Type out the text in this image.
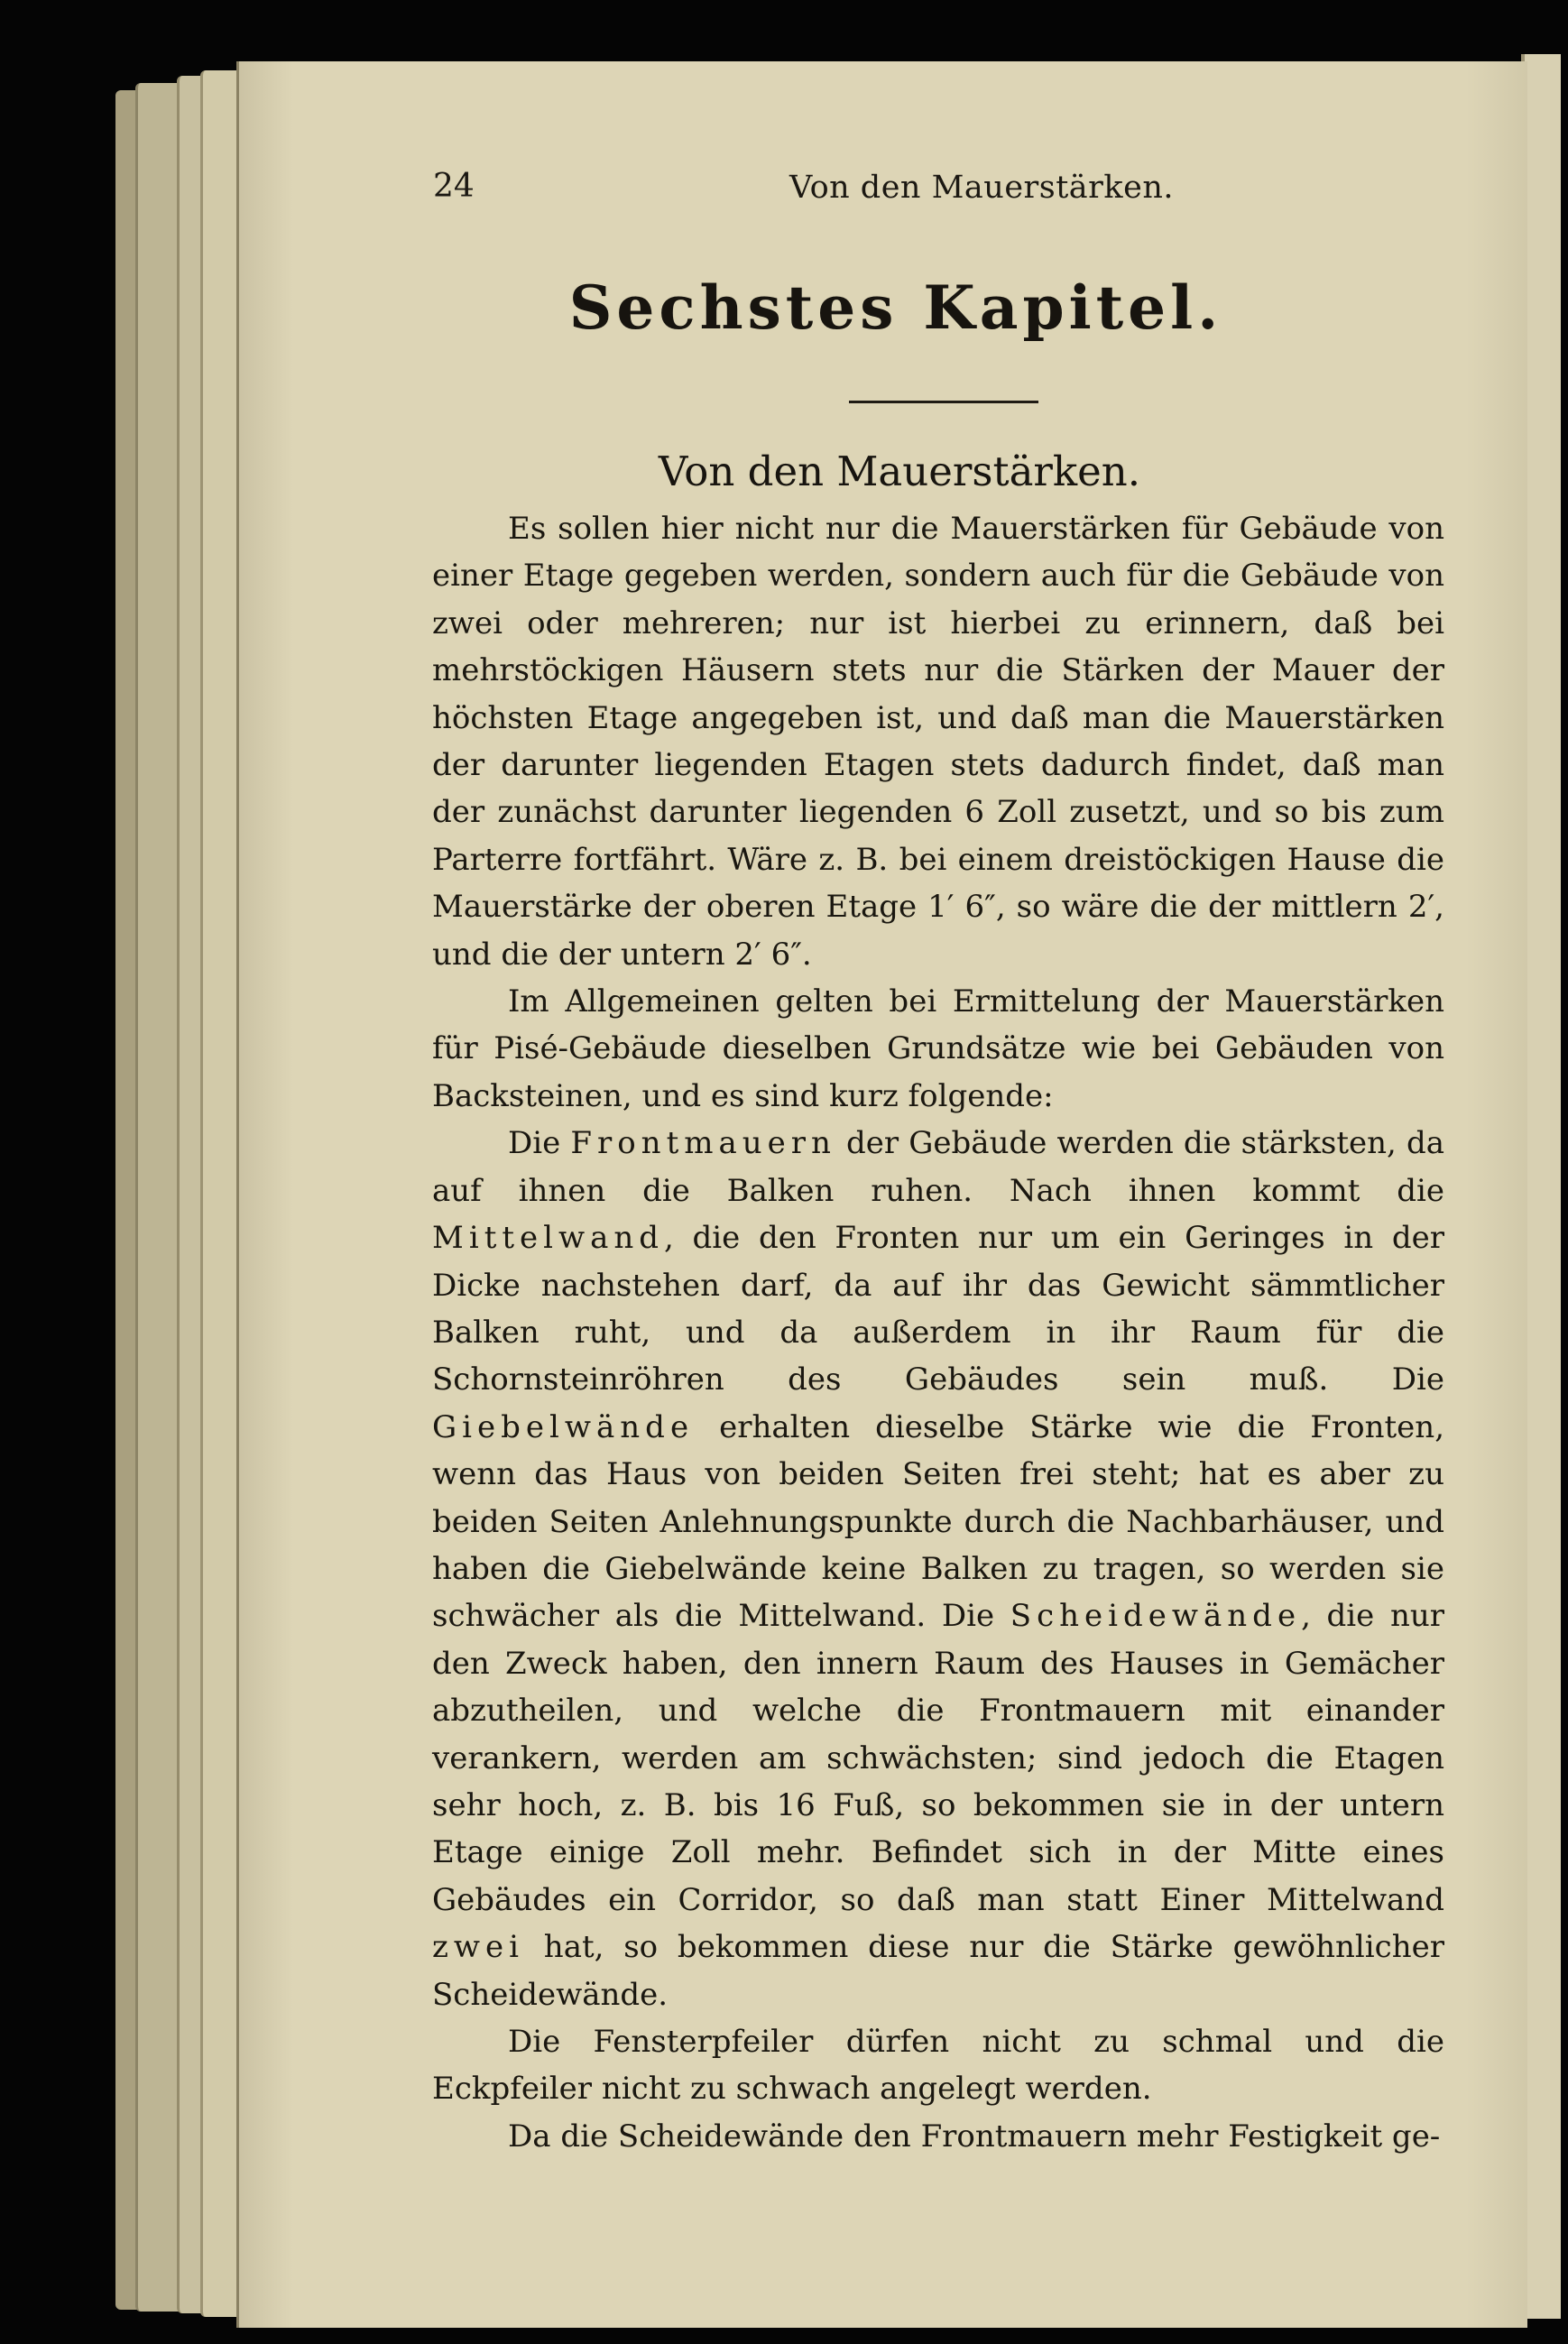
24	Von den Mauerstärken.
Sechstes Kapitel.
Von den Mauerstärken.

Es sollen hier nicht nur die Mauerstärken für Gebäude von einer Etage gegeben werden, sondern auch für die Gebäude von zwei oder mehreren; nur ist hierbei zu erinnern, daß bei mehrstöckigen Häusern stets nur die Stärken der Mauer der höchsten Etage angegeben ist, und daß man die Mauerstärken der darunter liegenden Etagen stets dadurch findet, daß man der zunächst darunter liegenden 6 Zoll zusetzt, und so bis zum Parterre fortfährt. Wäre z. B. bei einem dreistöckigen Hause die Mauerstärke der oberen Etage 1′ 6″, so wäre die der mittlern 2′, und die der untern 2′ 6″.

Im Allgemeinen gelten bei Ermittelung der Mauerstärken für Pisé-Gebäude dieselben Grundsätze wie bei Gebäuden von Backsteinen, und es sind kurz folgende:

Die Frontmauern der Gebäude werden die stärksten, da auf ihnen die Balken ruhen. Nach ihnen kommt die Mittelwand, die den Fronten nur um ein Geringes in der Dicke nachstehen darf, da auf ihr das Gewicht sämmtlicher Balken ruht, und da außerdem in ihr Raum für die Schornsteinröhren des Gebäudes sein muß. Die Giebelwände erhalten dieselbe Stärke wie die Fronten, wenn das Haus von beiden Seiten frei steht; hat es aber zu beiden Seiten Anlehnungspunkte durch die Nachbarhäuser, und haben die Giebelwände keine Balken zu tragen, so werden sie schwächer als die Mittelwand. Die Scheidewände, die nur den Zweck haben, den innern Raum des Hauses in Gemächer abzutheilen, und welche die Frontmauern mit einander verankern, werden am schwächsten; sind jedoch die Etagen sehr hoch, z. B. bis 16 Fuß, so bekommen sie in der untern Etage einige Zoll mehr. Befindet sich in der Mitte eines Gebäudes ein Corridor, so daß man statt Einer Mittelwand zwei hat, so bekommen diese nur die Stärke gewöhnlicher Scheidewände.

Die Fensterpfeiler dürfen nicht zu schmal und die Eckpfeiler nicht zu schwach angelegt werden.

Da die Scheidewände den Frontmauern mehr Festigkeit ge-
